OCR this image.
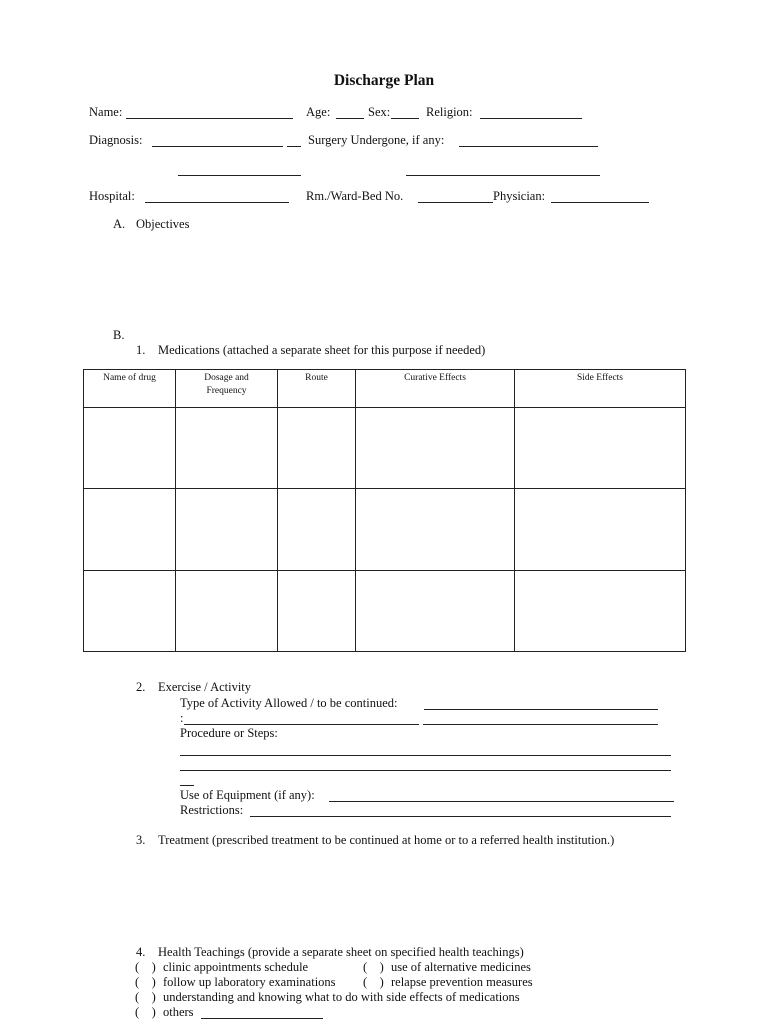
Discharge Plan
Name:	Age:	Sex:	Religion:
Diagnosis:	Surgery Undergone, if any:
Hospital:	Rm./Ward-Bed No.	Physician:
A. Objectives
B.
1. Medications (attached a separate sheet for this purpose if needed)
Name of drug	Dosage and Frequency	Route	Curative Effects	Side Effects

2. Exercise / Activity
Type of Activity Allowed / to be continued:
:
Procedure or Steps:
Use of Equipment (if any):
Restrictions:
3. Treatment (prescribed treatment to be continued at home or to a referred health institution.)
4. Health Teachings (provide a separate sheet on specified health teachings)
(    ) clinic appointments schedule	(    ) use of alternative medicines
(    ) follow up laboratory examinations (    ) relapse prevention measures
(    ) understanding and knowing what to do with side effects of medications
(    ) others
